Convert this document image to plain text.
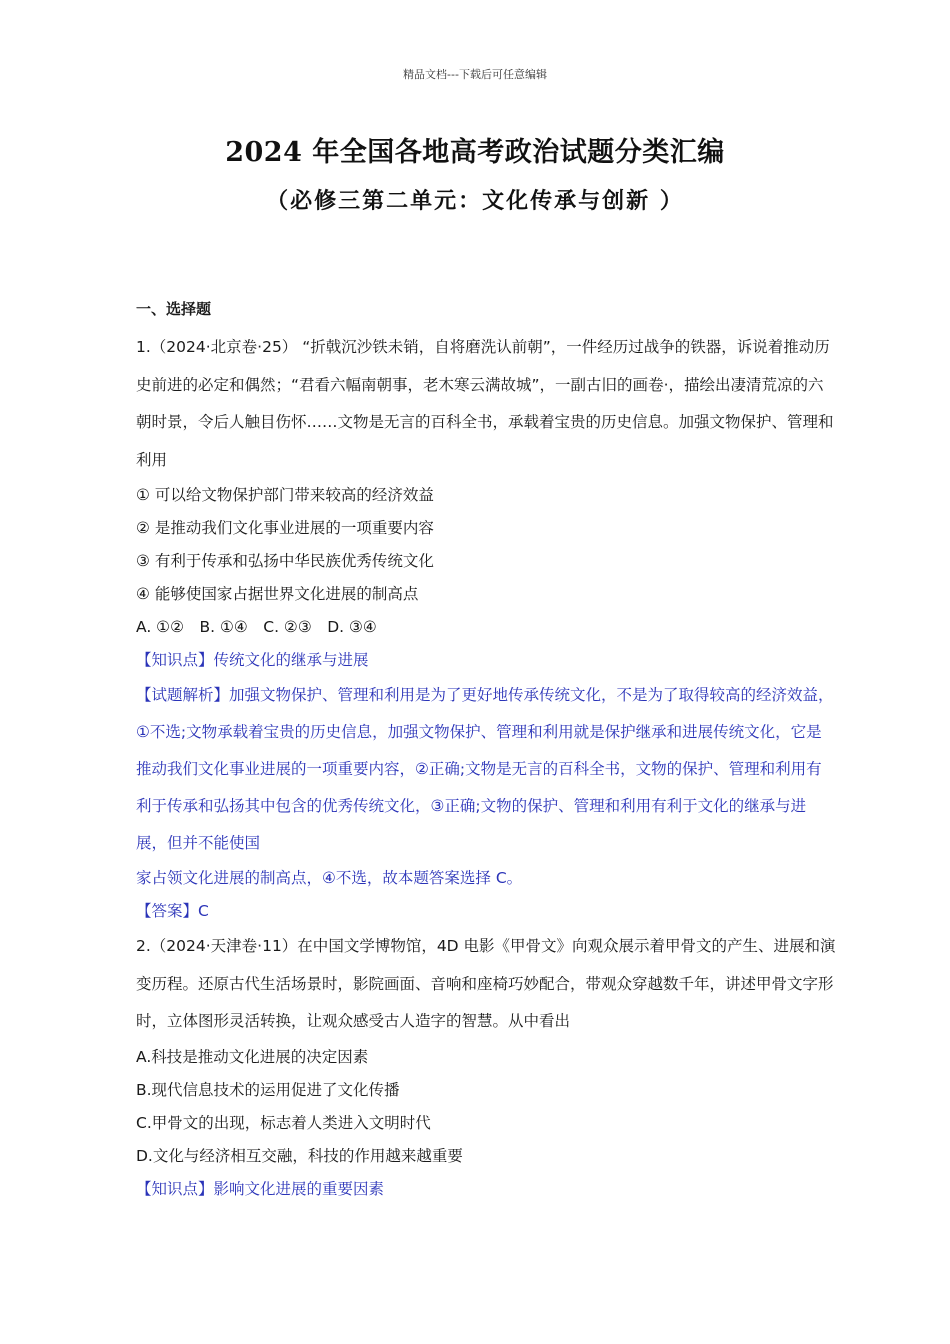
精品文档---下载后可任意编辑
2024 年全国各地高考政治试题分类汇编
（必修三第二单元：文化传承与创新 ）
一、选择题

1.（2024·北京卷·25） “折戟沉沙铁未销，自将磨洗认前朝”，一件经历过战争的铁器，诉说着推动历史前进的必定和偶然；“君看六幅南朝事，老木寒云满故城”，一副古旧的画卷·，描绘出凄清荒凉的六朝时景，令后人触目伤怀……文物是无言的百科全书，承载着宝贵的历史信息。加强文物保护、管理和利用

① 可以给文物保护部门带来较高的经济效益

② 是推动我们文化事业进展的一项重要内容

③ 有利于传承和弘扬中华民族优秀传统文化

④ 能够使国家占据世界文化进展的制高点

A. ①②　B. ①④　C. ②③　D. ③④

【知识点】传统文化的继承与进展

【试题解析】加强文物保护、管理和利用是为了更好地传承传统文化，不是为了取得较高的经济效益，①不选;文物承载着宝贵的历史信息，加强文物保护、管理和利用就是保护继承和进展传统文化，它是推动我们文化事业进展的一项重要内容，②正确;文物是无言的百科全书，文物的保护、管理和利用有利于传承和弘扬其中包含的优秀传统文化，③正确;文物的保护、管理和利用有利于文化的继承与进展，但并不能使国

家占领文化进展的制高点，④不选，故本题答案选择 C。

【答案】C

2.（2024·天津卷·11）在中国文学博物馆，4D 电影《甲骨文》向观众展示着甲骨文的产生、进展和演变历程。还原古代生活场景时，影院画面、音响和座椅巧妙配合，带观众穿越数千年，讲述甲骨文字形时，立体图形灵活转换，让观众感受古人造字的智慧。从中看出

A.科技是推动文化进展的决定因素

B.现代信息技术的运用促进了文化传播

C.甲骨文的出现，标志着人类进入文明时代

D.文化与经济相互交融，科技的作用越来越重要

【知识点】影响文化进展的重要因素
